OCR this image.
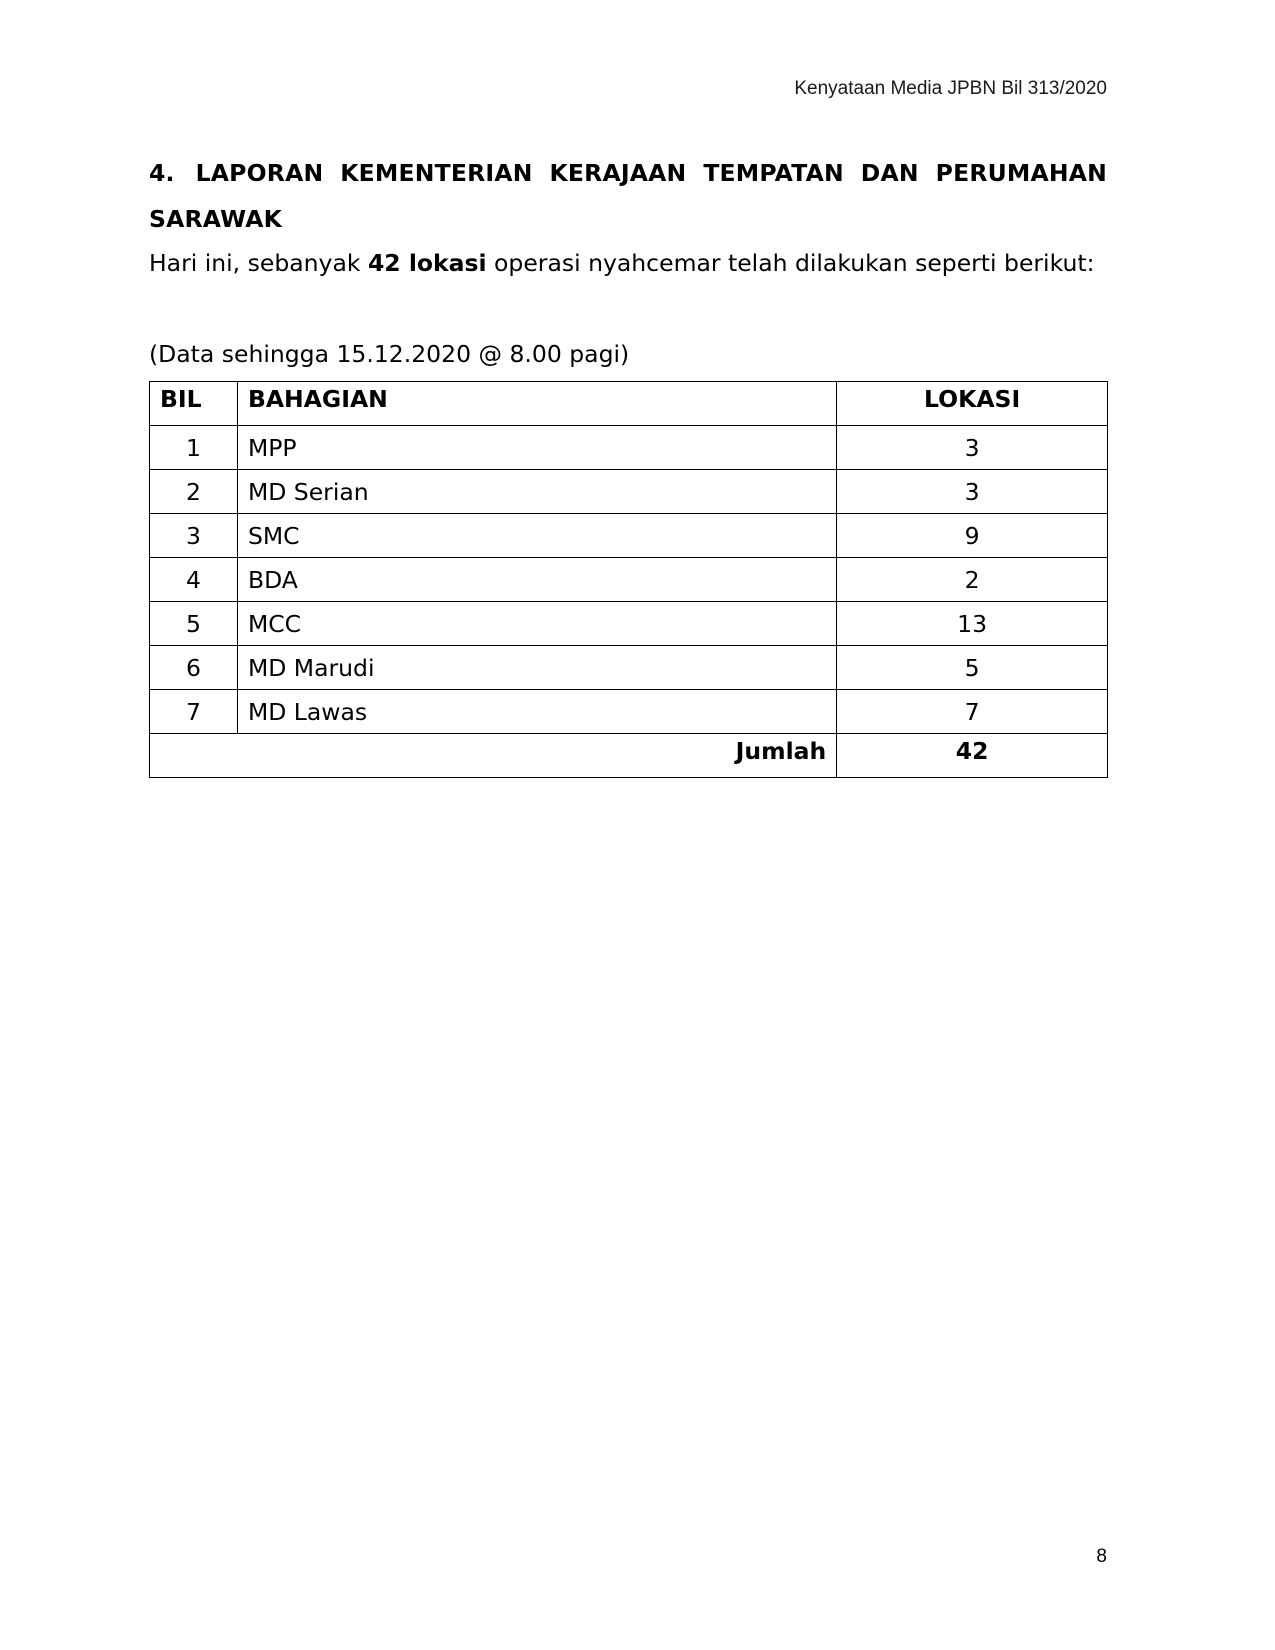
Kenyataan Media JPBN Bil 313/2020
4. LAPORAN KEMENTERIAN KERAJAAN TEMPATAN DAN PERUMAHAN SARAWAK
Hari ini, sebanyak 42 lokasi operasi nyahcemar telah dilakukan seperti berikut:
(Data sehingga 15.12.2020 @ 8.00 pagi)
BIL	BAHAGIAN	LOKASI
1	MPP	3
2	MD Serian	3
3	SMC	9
4	BDA	2
5	MCC	13
6	MD Marudi	5
7	MD Lawas	7
Jumlah		42
8
